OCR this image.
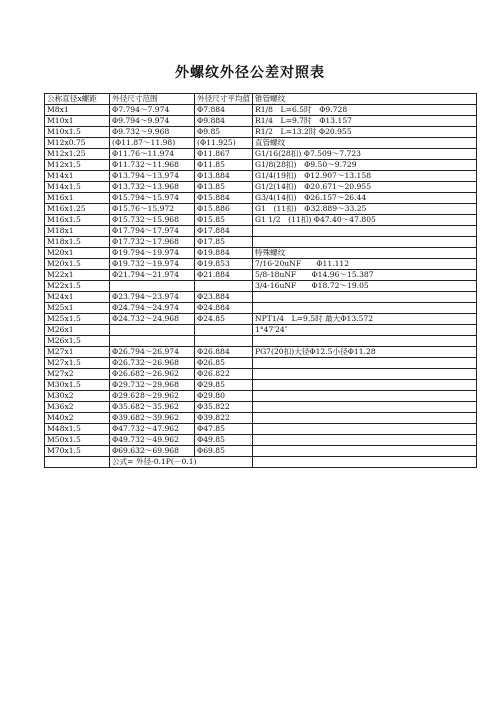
外螺纹外径公差对照表
公称直径x螺距	外径尺寸范围	外径尺寸平均值	锥管螺纹
M8x1	Φ7.794～7.974	Φ7.884	R1/8　L=6.5时　Φ9.728
M10x1	Φ9.794～9.974	Φ9.884	R1/4　L=9.7时　Φ13.157
M10x1.5	Φ9.732～9.968	Φ9.85	R1/2　L=13.2时 Φ20.955
M12x0.75	(Φ11.87～11.98)	(Φ11.925)	直管螺纹
M12x1.25	Φ11.76～11.974	Φ11.867	G1/16(28扣) Φ7.509～7.723
M12x1.5	Φ11.732～11.968	Φ11.85	G1/8(28扣)　Φ9.50～9.729
M14x1	Φ13.794～13.974	Φ13.884	G1/4(19扣)　Φ12.907～13.158
M14x1.5	Φ13.732～13.968	Φ13.85	G1/2(14扣)　Φ20.671～20.955
M16x1	Φ15.794～15.974	Φ15.884	G3/4(14扣)　Φ26.157～26.44
M16x1.25	Φ15.76～15.972	Φ15.886	G1　(11扣)　Φ32.889～33.25
M16x1.5	Φ15.732～15.968	Φ15.85	G1 1/2　(11扣) Φ47.40～47.805
M18x1	Φ17.794～17.974	Φ17.884	
M18x1.5	Φ17.732～17.968	Φ17.85	
M20x1	Φ19.794～19.974	Φ19.884	特殊螺纹
M20x1.5	Φ19.732～19.974	Φ19.853	7/16-20uNF　　Φ11.112
M22x1	Φ21.794～21.974	Φ21.884	5/8-18uNF　　Φ14.96～15.387
M22x1.5			3/4-16uNF　　Φ18.72～19.05
M24x1	Φ23.794～23.974	Φ23.884	
M25x1	Φ24.794～24.974	Φ24.884	
M25x1.5	Φ24.732～24.968	Φ24.85	NPT1/4　L=9.5时 最大Φ13.572
M26x1			1°47′24″
M26x1.5			
M27x1	Φ26.794～26.974	Φ26.884	PG7(20扣)大径Φ12.5小径Φ11.28
M27x1.5	Φ26.732～26.968	Φ26.85	
M27x2	Φ26.682～26.962	Φ26.822	
M30x1.5	Φ29.732～29.968	Φ29.85	
M30x2	Φ29.628～29.962	Φ29.80	
M36x2	Φ35.682～35.962	Φ35.822	
M40x2	Φ39.682～39.962	Φ39.822	
M48x1.5	Φ47.732～47.962	Φ47.85	
M50x1.5	Φ49.732～49.962	Φ49.85	
M70x1.5	Φ69.632～69.968	Φ69.85	
	公式= 外径-0.1P(－0.1)		
